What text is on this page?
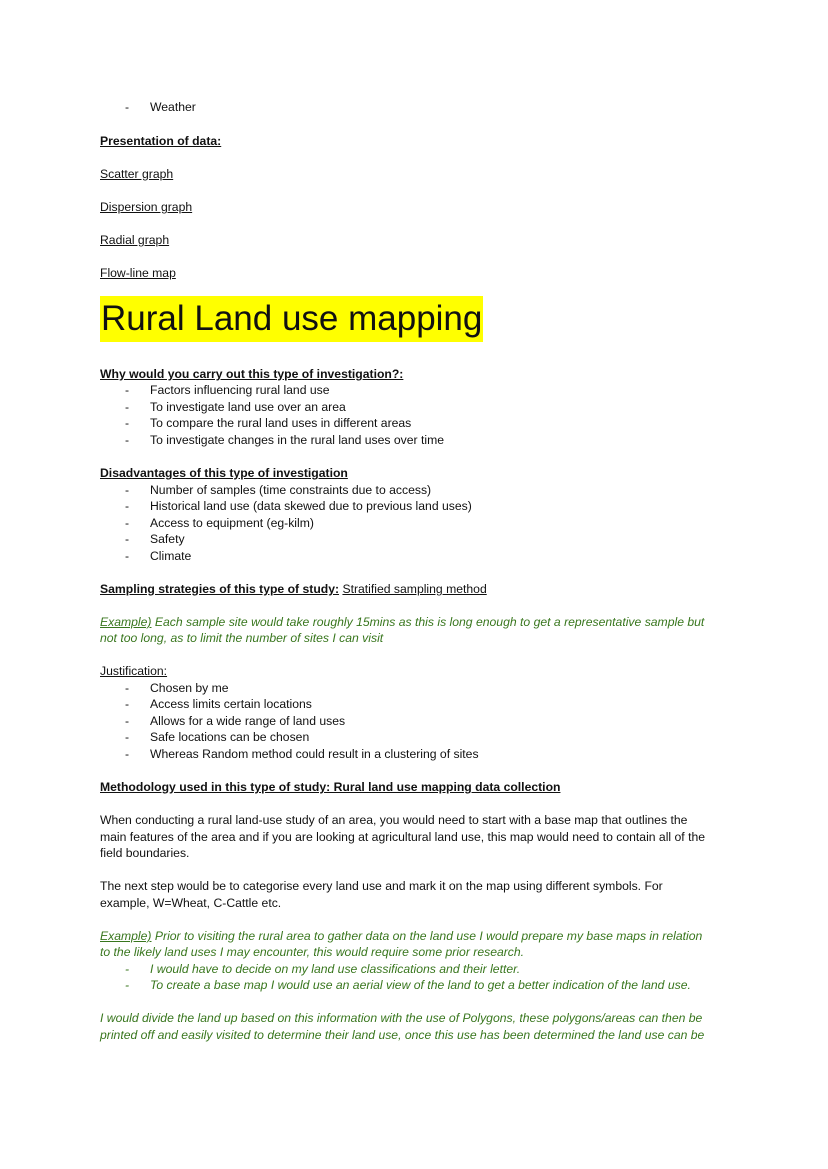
- Weather
Presentation of data:
Scatter graph
Dispersion graph
Radial graph
Flow-line map
Rural Land use mapping
Why would you carry out this type of investigation?:
- Factors influencing rural land use
- To investigate land use over an area
- To compare the rural land uses in different areas
- To investigate changes in the rural land uses over time
Disadvantages of this type of investigation
- Number of samples (time constraints due to access)
- Historical land use (data skewed due to previous land uses)
- Access to equipment (eg-kilm)
- Safety
- Climate
Sampling strategies of this type of study: Stratified sampling method
Example) Each sample site would take roughly 15mins as this is long enough to get a representative sample but
not too long, as to limit the number of sites I can visit
Justification:
- Chosen by me
- Access limits certain locations
- Allows for a wide range of land uses
- Safe locations can be chosen
- Whereas Random method could result in a clustering of sites
Methodology used in this type of study: Rural land use mapping data collection
When conducting a rural land-use study of an area, you would need to start with a base map that outlines the
main features of the area and if you are looking at agricultural land use, this map would need to contain all of the
field boundaries.
The next step would be to categorise every land use and mark it on the map using different symbols. For
example, W=Wheat, C-Cattle etc.
Example) Prior to visiting the rural area to gather data on the land use I would prepare my base maps in relation
to the likely land uses I may encounter, this would require some prior research.
- I would have to decide on my land use classifications and their letter.
- To create a base map I would use an aerial view of the land to get a better indication of the land use.
I would divide the land up based on this information with the use of Polygons, these polygons/areas can then be
printed off and easily visited to determine their land use, once this use has been determined the land use can be
